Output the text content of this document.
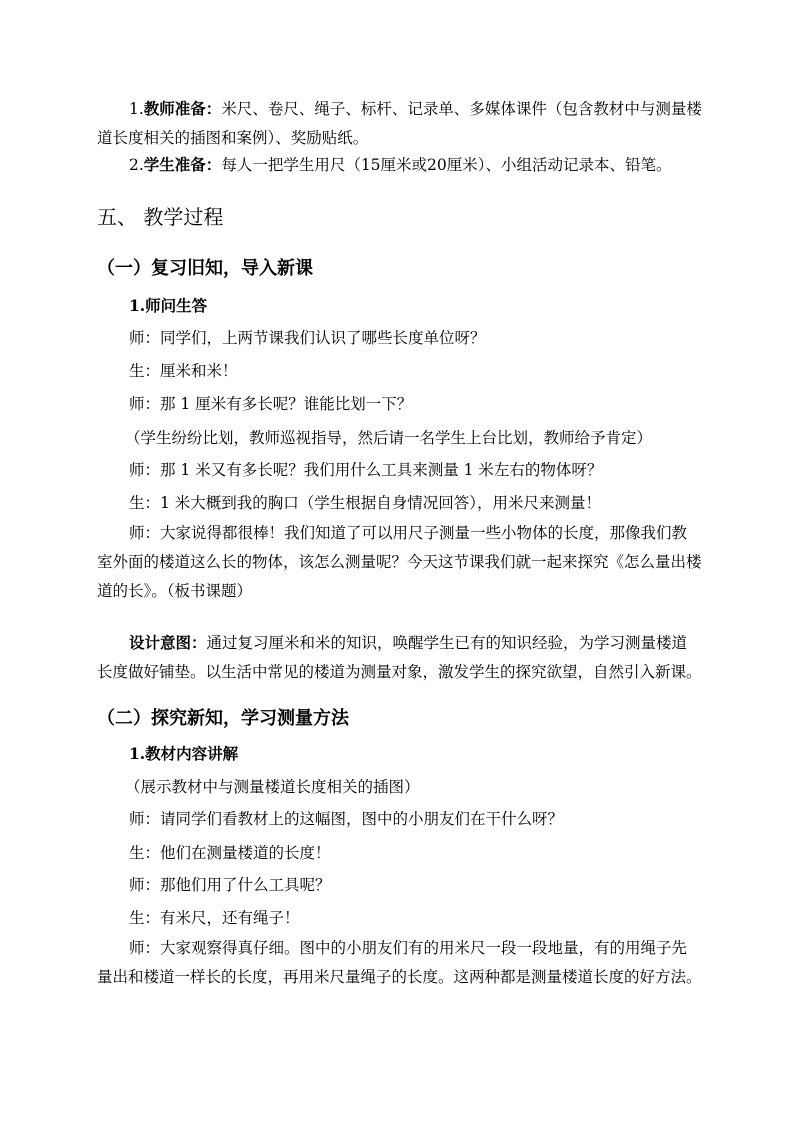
1.教师准备：米尺、卷尺、绳子、标杆、记录单、多媒体课件（包含教材中与测量楼道长度相关的插图和案例）、奖励贴纸。

2.学生准备：每人一把学生用尺（15厘米或20厘米）、小组活动记录本、铅笔。

五、 教学过程

（一）复习旧知，导入新课

1.师问生答

师：同学们，上两节课我们认识了哪些长度单位呀？

生：厘米和米！

师：那 1 厘米有多长呢？谁能比划一下？

（学生纷纷比划，教师巡视指导，然后请一名学生上台比划，教师给予肯定）

师：那 1 米又有多长呢？我们用什么工具来测量 1 米左右的物体呀？

生：1 米大概到我的胸口（学生根据自身情况回答），用米尺来测量！

师：大家说得都很棒！我们知道了可以用尺子测量一些小物体的长度，那像我们教室外面的楼道这么长的物体，该怎么测量呢？今天这节课我们就一起来探究《怎么量出楼道的长》。（板书课题）

设计意图：通过复习厘米和米的知识，唤醒学生已有的知识经验，为学习测量楼道长度做好铺垫。以生活中常见的楼道为测量对象，激发学生的探究欲望，自然引入新课。

（二）探究新知，学习测量方法

1.教材内容讲解

（展示教材中与测量楼道长度相关的插图）

师：请同学们看教材上的这幅图，图中的小朋友们在干什么呀？

生：他们在测量楼道的长度！

师：那他们用了什么工具呢？

生：有米尺，还有绳子！

师：大家观察得真仔细。图中的小朋友们有的用米尺一段一段地量，有的用绳子先量出和楼道一样长的长度，再用米尺量绳子的长度。这两种都是测量楼道长度的好方法。
